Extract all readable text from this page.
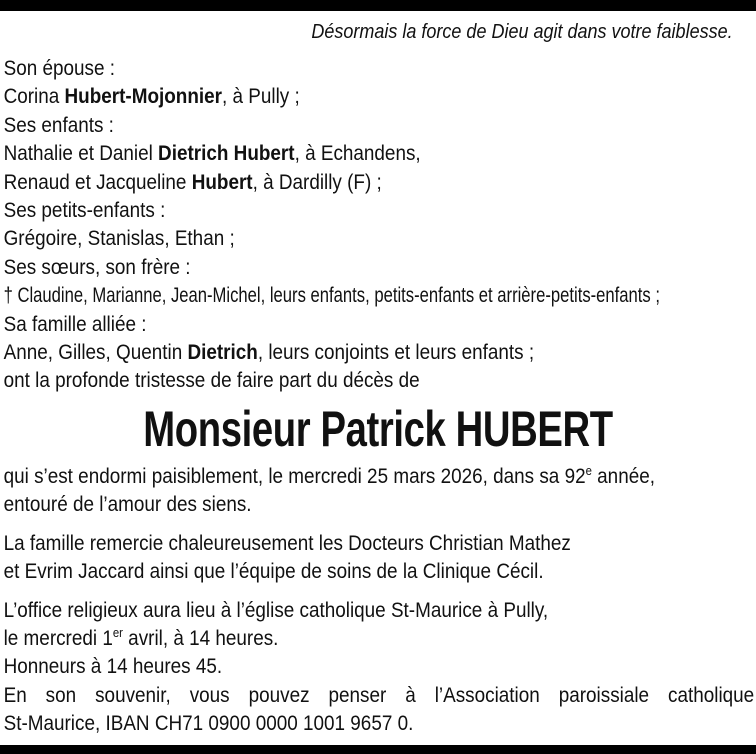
Désormais la force de Dieu agit dans votre faiblesse.
Son épouse :
Corina Hubert-Mojonnier, à Pully ;
Ses enfants :
Nathalie et Daniel Dietrich Hubert, à Echandens,
Renaud et Jacqueline Hubert, à Dardilly (F) ;
Ses petits-enfants :
Grégoire, Stanislas, Ethan ;
Ses sœurs, son frère :
† Claudine, Marianne, Jean-Michel, leurs enfants, petits-enfants et arrière-petits-enfants ;
Sa famille alliée :
Anne, Gilles, Quentin Dietrich, leurs conjoints et leurs enfants ;
ont la profonde tristesse de faire part du décès de
Monsieur Patrick HUBERT
qui s’est endormi paisiblement, le mercredi 25 mars 2026, dans sa 92e année,
entouré de l’amour des siens.
La famille remercie chaleureusement les Docteurs Christian Mathez
et Evrim Jaccard ainsi que l’équipe de soins de la Clinique Cécil.
L’office religieux aura lieu à l’église catholique St-Maurice à Pully,
le mercredi 1er avril, à 14 heures.
Honneurs à 14 heures 45.
En son souvenir, vous pouvez penser à l’Association paroissiale catholique
St-Maurice, IBAN CH71 0900 0000 1001 9657 0.
